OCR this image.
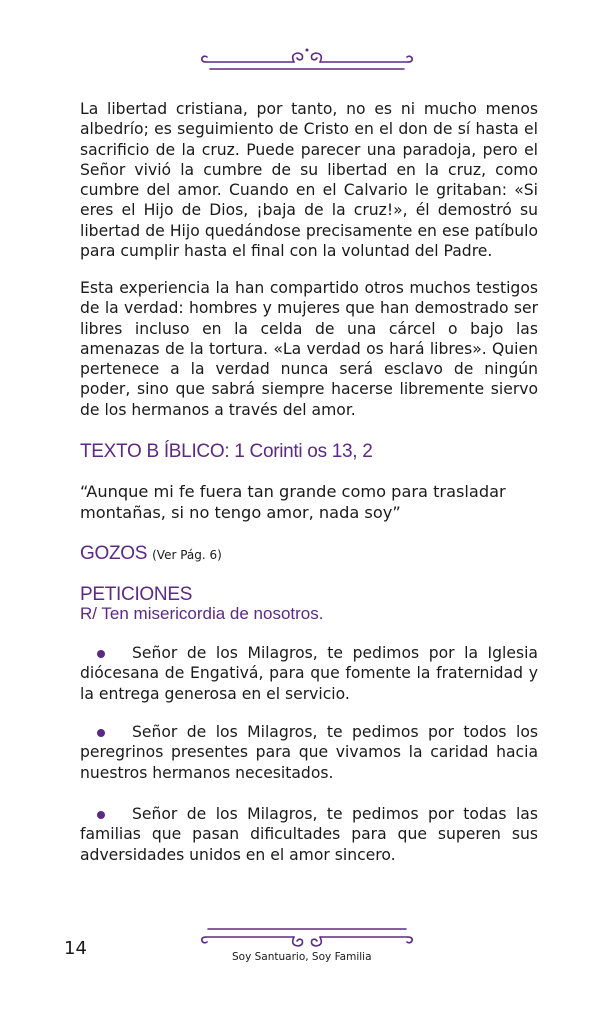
La libertad cristiana, por tanto, no es ni mucho menos albedrío; es seguimiento de Cristo en el don de sí hasta el sacrificio de la cruz. Puede parecer una paradoja, pero el Señor vivió la cumbre de su libertad en la cruz, como cumbre del amor. Cuando en el Calvario le gritaban: «Si eres el Hijo de Dios, ¡baja de la cruz!», él demostró su libertad de Hijo quedándose precisamente en ese patíbulo para cumplir hasta el final con la voluntad del Padre.

Esta experiencia la han compartido otros muchos testigos de la verdad: hombres y mujeres que han demostrado ser libres incluso en la celda de una cárcel o bajo las amenazas de la tortura. «La verdad os hará libres». Quien pertenece a la verdad nunca será esclavo de ningún poder, sino que sabrá siempre hacerse libremente siervo de los hermanos a través del amor.

TEXTO B ÍBLICO: 1 Corinti os 13, 2

“Aunque mi fe fuera tan grande como para trasladar montañas, si no tengo amor, nada soy”

GOZOS (Ver Pág. 6)

PETICIONES

R/ Ten misericordia de nosotros.

Señor de los Milagros, te pedimos por la Iglesia diócesana de Engativá, para que fomente la fraternidad y la entrega generosa en el servicio.

Señor de los Milagros, te pedimos por todos los peregrinos presentes para que vivamos la caridad hacia nuestros hermanos necesitados.

Señor de los Milagros, te pedimos por todas las familias que pasan dificultades para que superen sus adversidades unidos en el amor sincero.

14	Soy Santuario, Soy Familia
